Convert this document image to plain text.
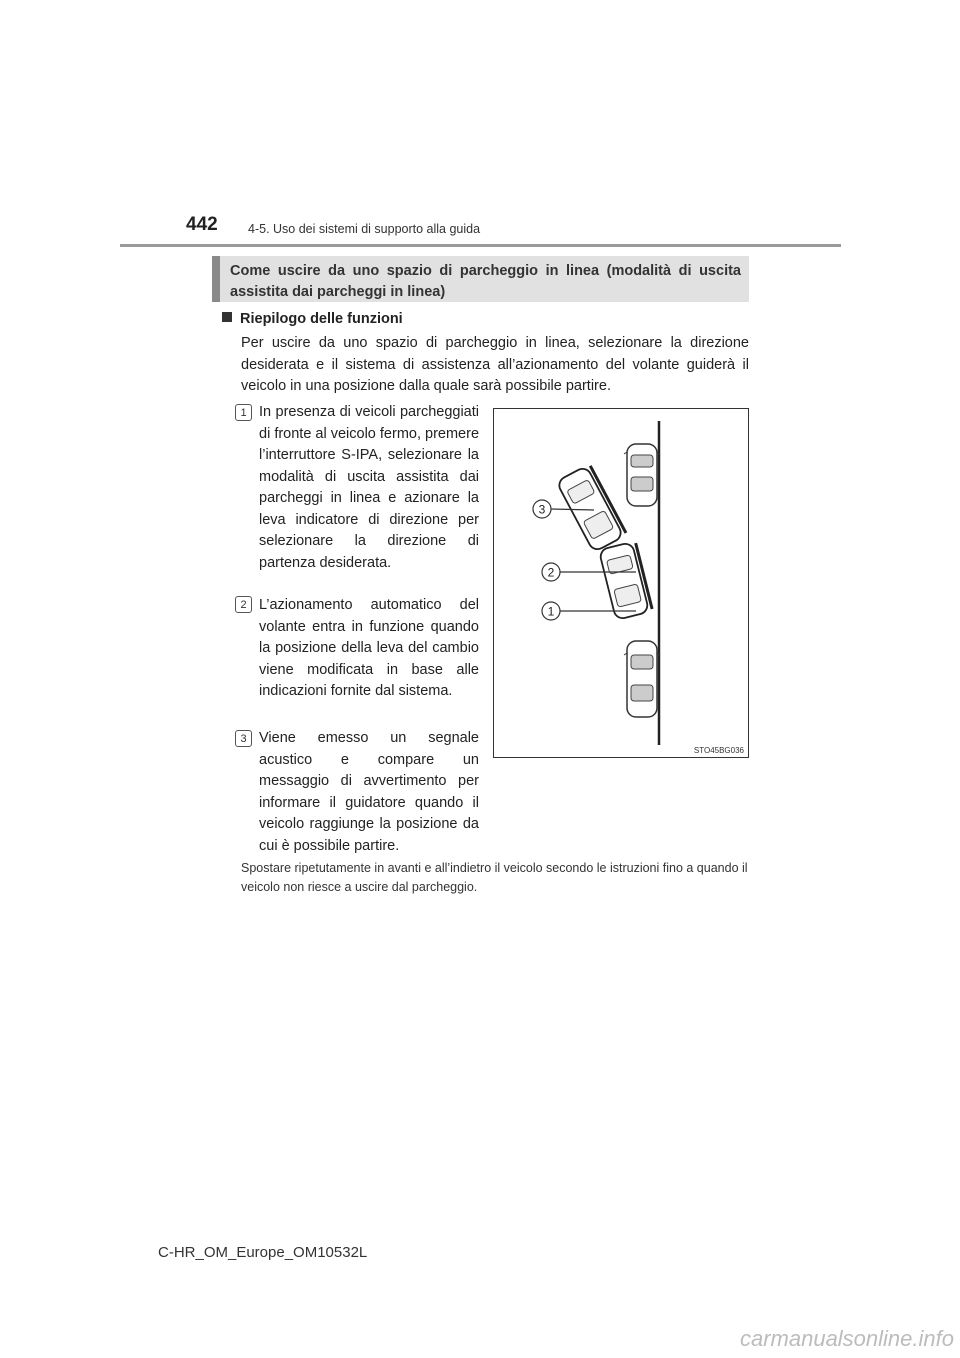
442 4-5. Uso dei sistemi di supporto alla guida
Come uscire da uno spazio di parcheggio in linea (modalità di uscita assistita dai parcheggi in linea)
Riepilogo delle funzioni
Per uscire da uno spazio di parcheggio in linea, selezionare la direzione desiderata e il sistema di assistenza all’azionamento del volante guiderà il veicolo in una posizione dalla quale sarà possibile partire.
1 In presenza di veicoli parcheggiati di fronte al veicolo fermo, premere l’interruttore S-IPA, selezionare la modalità di uscita assistita dai parcheggi in linea e azionare la leva indicatore di direzione per selezionare la direzione di partenza desiderata.
2 L’azionamento automatico del volante entra in funzione quando la posizione della leva del cambio viene modificata in base alle indicazioni fornite dal sistema.
3 Viene emesso un segnale acustico e compare un messaggio di avvertimento per informare il guidatore quando il veicolo raggiunge la posizione da cui è possibile partire.
3
2
1
STO45BG036
Spostare ripetutamente in avanti e all’indietro il veicolo secondo le istruzioni fino a quando il veicolo non riesce a uscire dal parcheggio.
C-HR_OM_Europe_OM10532L
carmanualsonline.info
